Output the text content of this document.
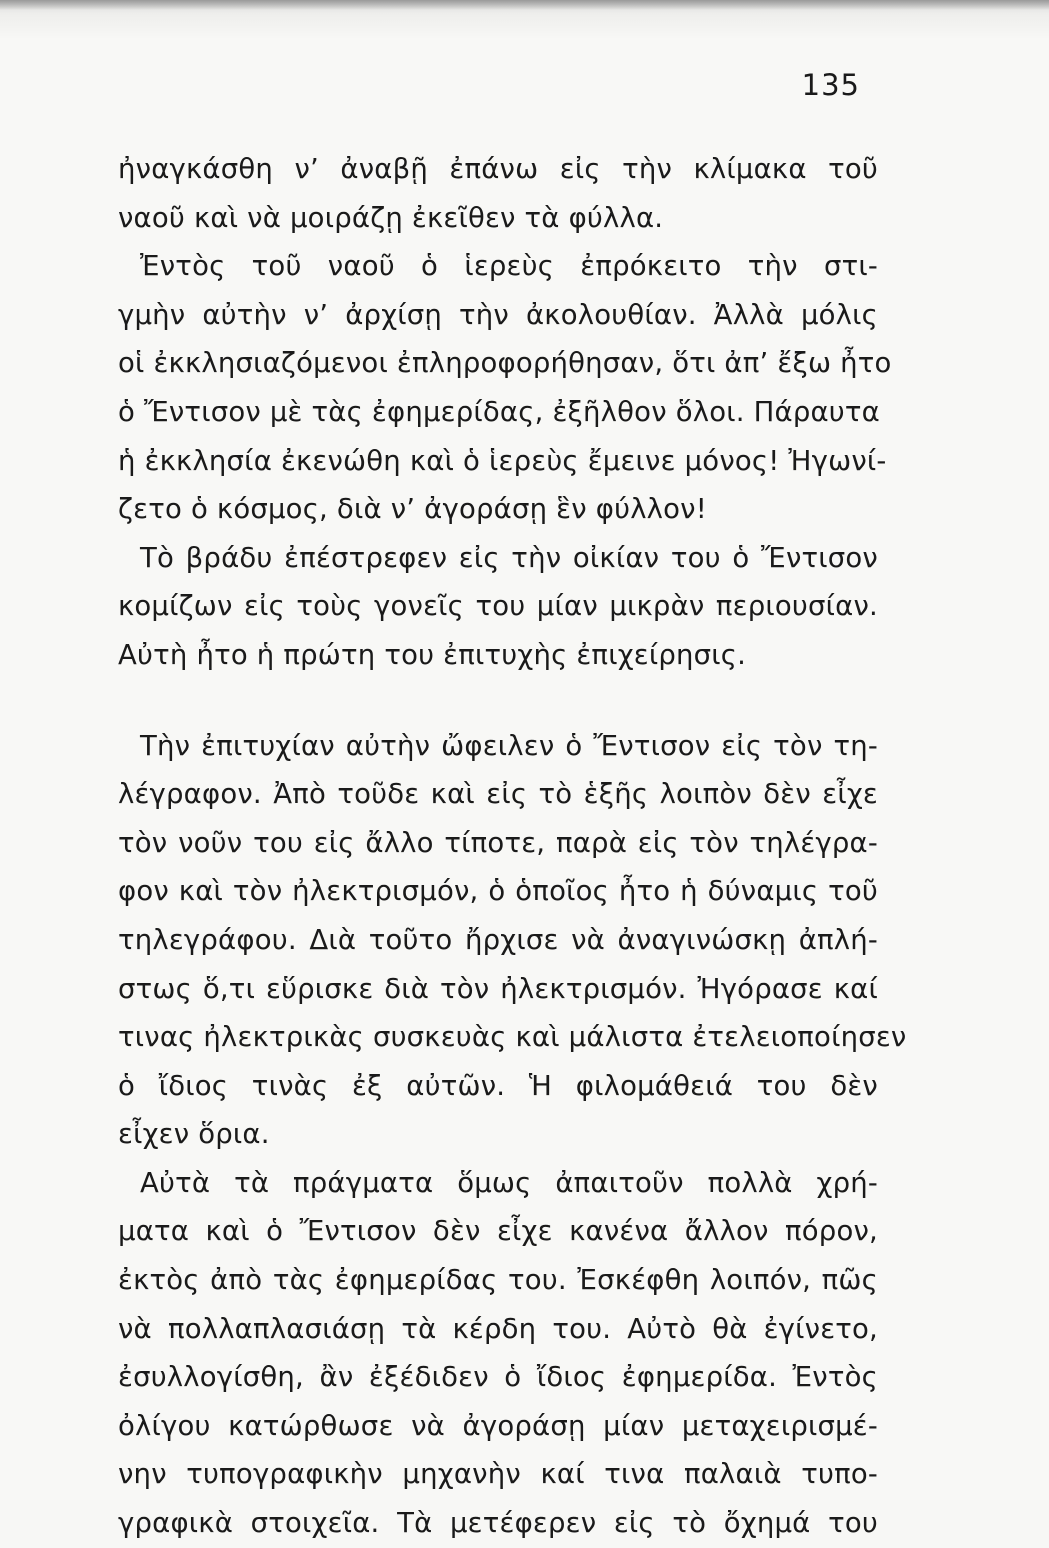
135
ἠναγκάσθη ν’ ἀναβῇ ἐπάνω εἰς τὴν κλίμακα τοῦ
ναοῦ καὶ νὰ μοιράζῃ ἐκεῖθεν τὰ φύλλα.
Ἐντὸς τοῦ ναοῦ ὁ ἱερεὺς ἐπρόκειτο τὴν στι-
γμὴν αὐτὴν ν’ ἀρχίσῃ τὴν ἀκολουθίαν. Ἀλλὰ μόλις
οἱ ἐκκλησιαζόμενοι ἐπληροφορήθησαν, ὅτι ἀπ’ ἔξω ἦτο
ὁ Ἔντισον μὲ τὰς ἐφημερίδας, ἐξῆλθον ὅλοι. Πάραυτα
ἡ ἐκκλησία ἐκενώθη καὶ ὁ ἱερεὺς ἔμεινε μόνος! Ἠγωνί-
ζετο ὁ κόσμος, διὰ ν’ ἀγοράσῃ ἓν φύλλον!
Τὸ βράδυ ἐπέστρεφεν εἰς τὴν οἰκίαν του ὁ Ἔντισον
κομίζων εἰς τοὺς γονεῖς του μίαν μικρὰν περιουσίαν.
Αὐτὴ ἦτο ἡ πρώτη του ἐπιτυχὴς ἐπιχείρησις.
Τὴν ἐπιτυχίαν αὐτὴν ὤφειλεν ὁ Ἔντισον εἰς τὸν τη-
λέγραφον. Ἀπὸ τοῦδε καὶ εἰς τὸ ἑξῆς λοιπὸν δὲν εἶχε
τὸν νοῦν του εἰς ἄλλο τίποτε, παρὰ εἰς τὸν τηλέγρα-
φον καὶ τὸν ἠλεκτρισμόν, ὁ ὁποῖος ἦτο ἡ δύναμις τοῦ
τηλεγράφου. Διὰ τοῦτο ἤρχισε νὰ ἀναγινώσκῃ ἀπλή-
στως ὅ,τι εὕρισκε διὰ τὸν ἠλεκτρισμόν. Ἠγόρασε καί
τινας ἠλεκτρικὰς συσκευὰς καὶ μάλιστα ἐτελειοποίησεν
ὁ ἴδιος τινὰς ἐξ αὐτῶν. Ἡ φιλομάθειά του δὲν
εἶχεν ὅρια.
Αὐτὰ τὰ πράγματα ὅμως ἀπαιτοῦν πολλὰ χρή-
ματα καὶ ὁ Ἔντισον δὲν εἶχε κανένα ἄλλον πόρον,
ἐκτὸς ἀπὸ τὰς ἐφημερίδας του. Ἐσκέφθη λοιπόν, πῶς
νὰ πολλαπλασιάσῃ τὰ κέρδη του. Αὐτὸ θὰ ἐγίνετο,
ἐσυλλογίσθη, ἂν ἐξέδιδεν ὁ ἴδιος ἐφημερίδα. Ἐντὸς
ὀλίγου κατώρθωσε νὰ ἀγοράσῃ μίαν μεταχειρισμέ-
νην τυπογραφικὴν μηχανὴν καί τινα παλαιὰ τυπο-
γραφικὰ στοιχεῖα. Τὰ μετέφερεν εἰς τὸ ὄχημά του
